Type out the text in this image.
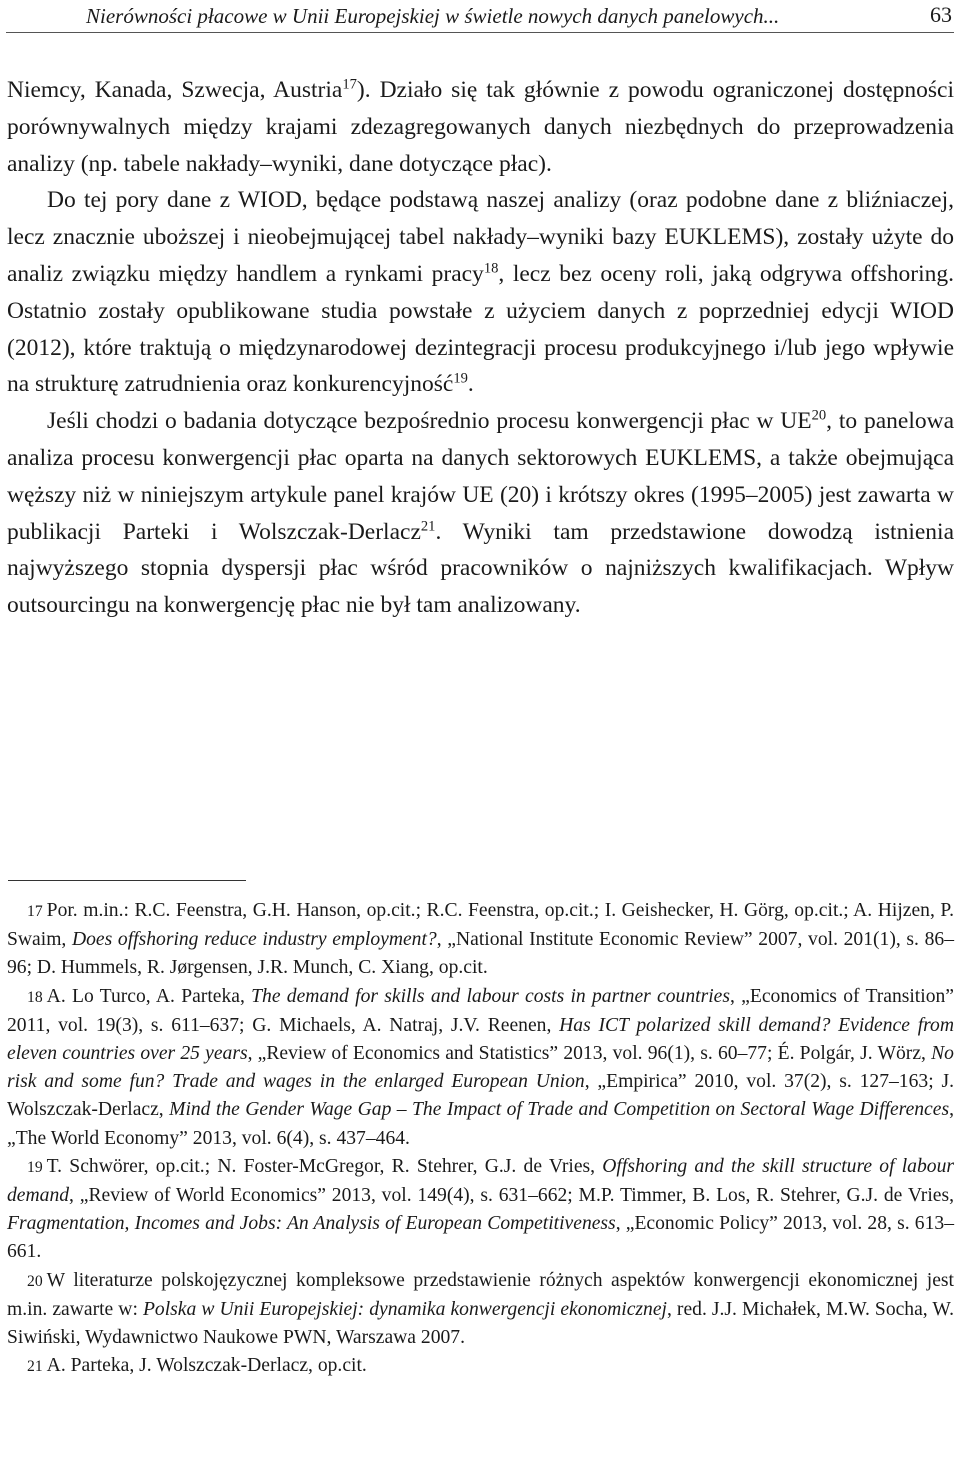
Nierówności płacowe w Unii Europejskiej w świetle nowych danych panelowych...	63

Niemcy, Kanada, Szwecja, Austria$^{17}$). Działo się tak głównie z powodu ograniczonej dostępności porównywalnych między krajami zdezagregowanych danych niezbędnych do przeprowadzenia analizy (np. tabele nakłady–wyniki, dane dotyczące płac).

Do tej pory dane z WIOD, będące podstawą naszej analizy (oraz podobne dane z bliźniaczej, lecz znacznie uboższej i nieobejmującej tabel nakłady–wyniki bazy EUKLEMS), zostały użyte do analiz związku między handlem a rynkami pracy$^{18}$, lecz bez oceny roli, jaką odgrywa offshoring. Ostatnio zostały opublikowane studia powstałe z użyciem danych z poprzedniej edycji WIOD (2012), które traktują o międzynarodowej dezintegracji procesu produkcyjnego i/lub jego wpływie na strukturę zatrudnienia oraz konkurencyjność$^{19}$.

Jeśli chodzi o badania dotyczące bezpośrednio procesu konwergencji płac w UE$^{20}$, to panelowa analiza procesu konwergencji płac oparta na danych sektorowych EUKLEMS, a także obejmująca węższy niż w niniejszym artykule panel krajów UE (20) i krótszy okres (1995–2005) jest zawarta w publikacji Parteki i Wolszczak-Derlacz$^{21}$. Wyniki tam przedstawione dowodzą istnienia najwyższego stopnia dyspersji płac wśród pracowników o najniższych kwalifikacjach. Wpływ outsourcingu na konwergencję płac nie był tam analizowany.

17 Por. m.in.: R.C. Feenstra, G.H. Hanson, op.cit.; R.C. Feenstra, op.cit.; I. Geishecker, H. Görg, op.cit.; A. Hijzen, P. Swaim, Does offshoring reduce industry employment?, „National Institute Economic Review” 2007, vol. 201(1), s. 86–96; D. Hummels, R. Jørgensen, J.R. Munch, C. Xiang, op.cit.

18 A. Lo Turco, A. Parteka, The demand for skills and labour costs in partner countries, „Economics of Transition” 2011, vol. 19(3), s. 611–637; G. Michaels, A. Natraj, J.V. Reenen, Has ICT polarized skill demand? Evidence from eleven countries over 25 years, „Review of Economics and Statistics” 2013, vol. 96(1), s. 60–77; É. Polgár, J. Wörz, No risk and some fun? Trade and wages in the enlarged European Union, „Empirica” 2010, vol. 37(2), s. 127–163; J. Wolszczak-Derlacz, Mind the Gender Wage Gap – The Impact of Trade and Competition on Sectoral Wage Differences, „The World Economy” 2013, vol. 6(4), s. 437–464.

19 T. Schwörer, op.cit.; N. Foster-McGregor, R. Stehrer, G.J. de Vries, Offshoring and the skill structure of labour demand, „Review of World Economics” 2013, vol. 149(4), s. 631–662; M.P. Timmer, B. Los, R. Stehrer, G.J. de Vries, Fragmentation, Incomes and Jobs: An Analysis of European Competitiveness, „Economic Policy” 2013, vol. 28, s. 613–661.

20 W literaturze polskojęzycznej kompleksowe przedstawienie różnych aspektów konwergencji ekonomicznej jest m.in. zawarte w: Polska w Unii Europejskiej: dynamika konwergencji ekonomicznej, red. J.J. Michałek, M.W. Socha, W. Siwiński, Wydawnictwo Naukowe PWN, Warszawa 2007.

21 A. Parteka, J. Wolszczak-Derlacz, op.cit.
